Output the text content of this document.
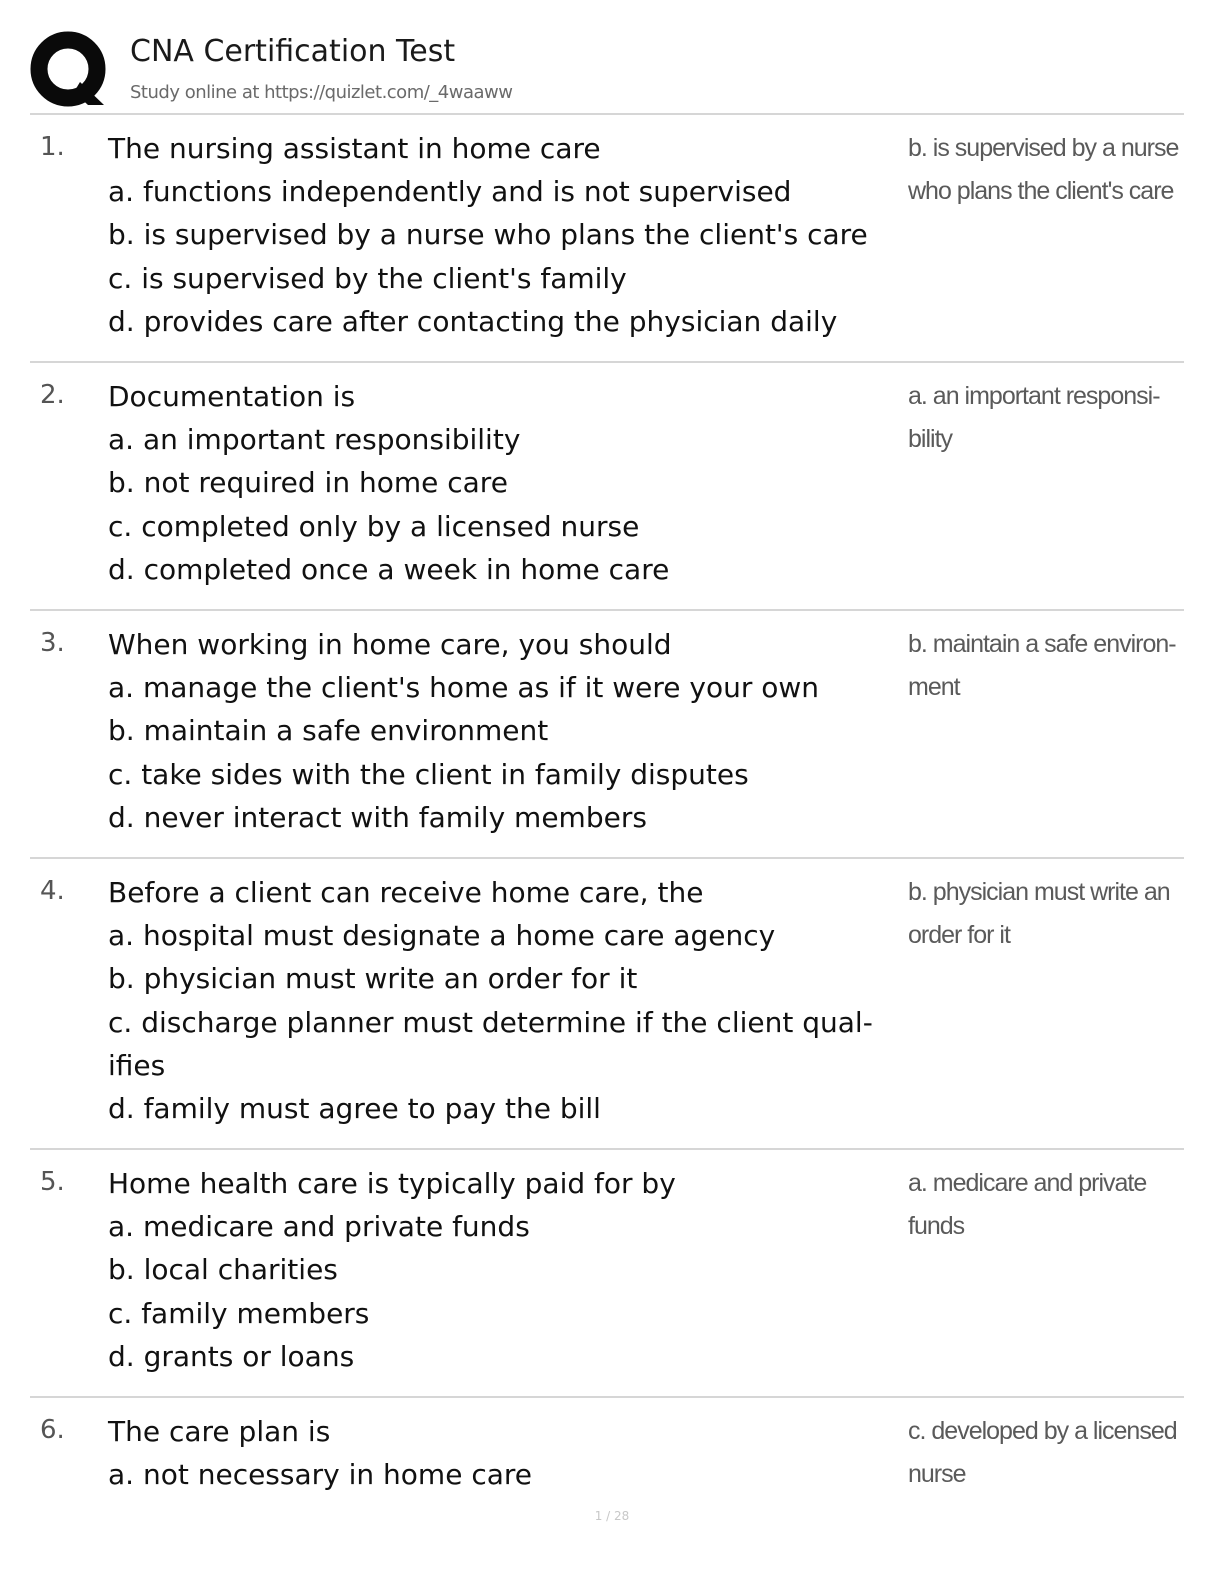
CNA Certification Test
Study online at https://quizlet.com/_4waaww
1. The nursing assistant in home care
a. functions independently and is not supervised
b. is supervised by a nurse who plans the client's care
c. is supervised by the client's family
d. provides care after contacting the physician daily
b. is supervised by a nurse
who plans the client's care
2. Documentation is
a. an important responsibility
b. not required in home care
c. completed only by a licensed nurse
d. completed once a week in home care
a. an important responsi-
bility
3. When working in home care, you should
a. manage the client's home as if it were your own
b. maintain a safe environment
c. take sides with the client in family disputes
d. never interact with family members
b. maintain a safe environ-
ment
4. Before a client can receive home care, the
a. hospital must designate a home care agency
b. physician must write an order for it
c. discharge planner must determine if the client qual-
ifies
d. family must agree to pay the bill
b. physician must write an
order for it
5. Home health care is typically paid for by
a. medicare and private funds
b. local charities
c. family members
d. grants or loans
a. medicare and private
funds
6. The care plan is
a. not necessary in home care
c. developed by a licensed
nurse
1 / 28
